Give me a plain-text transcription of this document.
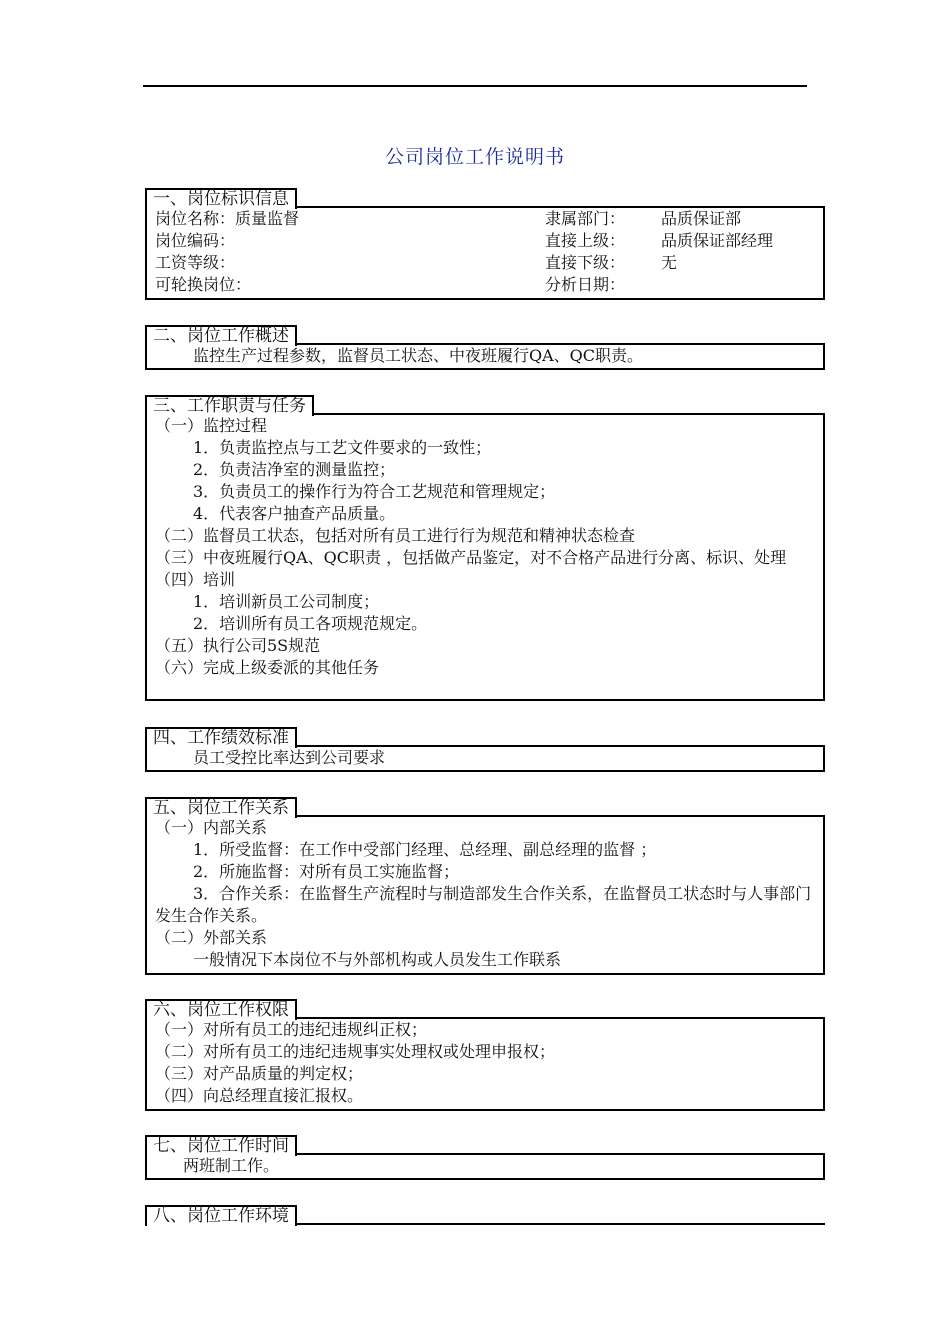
公司岗位工作说明书
一、岗位标识信息
岗位名称：质量监督	隶属部门：	品质保证部
岗位编码：	直接上级：	品质保证部经理
工资等级：	直接下级：	无
可轮换岗位：	分析日期：
二、岗位工作概述
监控生产过程参数，监督员工状态、中夜班履行QA、QC职责。
三、工作职责与任务
（一）监控过程
1．负责监控点与工艺文件要求的一致性；
2．负责洁净室的测量监控；
3．负责员工的操作行为符合工艺规范和管理规定；
4．代表客户抽查产品质量。
（二）监督员工状态，包括对所有员工进行行为规范和精神状态检查
（三）中夜班履行QA、QC职责 ，包括做产品鉴定，对不合格产品进行分离、标识、处理
（四）培训
1．培训新员工公司制度；
2．培训所有员工各项规范规定。
（五）执行公司5S规范
（六）完成上级委派的其他任务
四、工作绩效标准
员工受控比率达到公司要求
五、岗位工作关系
（一）内部关系
1．所受监督：在工作中受部门经理、总经理、副总经理的监督 ；
2．所施监督：对所有员工实施监督；
3．合作关系：在监督生产流程时与制造部发生合作关系，在监督员工状态时与人事部门发生合作关系。
（二）外部关系
一般情况下本岗位不与外部机构或人员发生工作联系
六、岗位工作权限
（一）对所有员工的违纪违规纠正权；
（二）对所有员工的违纪违规事实处理权或处理申报权；
（三）对产品质量的判定权；
（四）向总经理直接汇报权。
七、岗位工作时间
两班制工作。
八、岗位工作环境
